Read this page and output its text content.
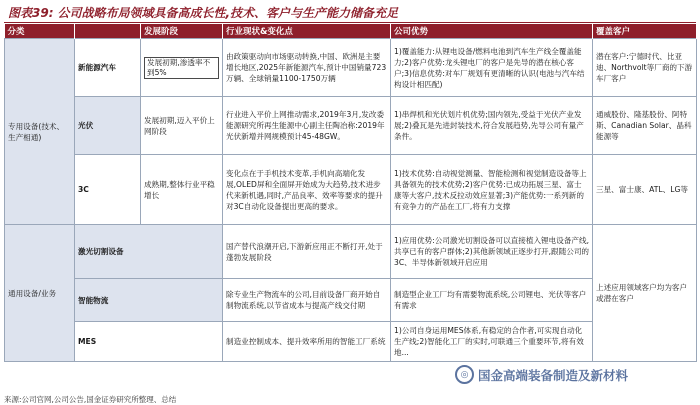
图表39: 公司战略布局领域具备高成长性,技术、客户与生产能力储备充足
分类		发展阶段	行业现状&变化点	公司优势	覆盖客户
专用设备(技术、生产相通)	新能源汽车	发展初期,渗透率不到5%	由政策驱动向市场驱动转换,中国、欧洲是主要增长地区,2025年新能源汽车,预计中国销量723万辆、全球销量1100-1750万辆	1)覆盖能力:从锂电设备/燃料电池到汽车生产线全覆盖能力;2)客户优势:龙头锂电厂的客户是先导的潜在核心客户;3)信息优势:对车厂规划有更清晰的认识(电池与汽车结构设计相匹配)	潜在客户:宁德时代、比亚迪、Northvolt等厂商的下游车厂客户
	光伏	发展初期,迈入平价上网阶段	行业进入平价上网推动需求,2019年3月,发改委能源研究所再生能源中心副主任陶冶称:2019年光伏新增并网规模预计45-48GW。	1)串焊机和光伏划片机优势;国内领先,受益于光伏产业发展;2)叠瓦是先进封装技术,符合发展趋势,先导公司有量产条件。	通威股份、隆基股份、阿特斯、Canadian Solar、晶科能源等
	3C	成熟期,整体行业平稳增长	变化点在于手机技术变革,手机向高端化发展,OLED屏和全面屏开始成为大趋势,技术进步代来新机遇,同时,产品良率、效率等要求的提升对3C自动化设备提出更高的要求。	1)技术优势:自动视觉测量、智能检测和视觉制造设备等上具备领先的技术优势;2)客户优势:已成功拓展三星、富士康等大客户,技术反拉动效应显著;3)产能优势:一系列新的有竞争力的产品在工厂,将有力支撑	三星、富士康、ATL、LG等
通用设备/业务	激光切割设备		国产替代浪潮开启,下游新应用正不断打开,处于蓬勃发展阶段	1)应用优势:公司激光切割设备可以直接植入锂电设备产线,共享已有的客户群体;2)其他新领域正逐步打开,跟随公司的3C、半导体新领域开启应用	上述应用领域客户均为客户或潜在客户
	智能物流		除专业生产物流车的公司,目前设备厂商开始自制物流系统,以节省成本与提高产线交付期	制造型企业工厂均有需要物流系统,公司锂电、光伏等客户有需求	
	MES		制造业控制成本、提升效率所用的智能工厂系统	1)公司自身运用MES体系,有稳定的合作者,可实现自动化生产线;2)智能化工厂的实时,可联通三个重要环节,将有效地...	
◎ 国金高端装备制造及新材料
来源:公司官网,公司公告,国金证券研究所整理、总结
